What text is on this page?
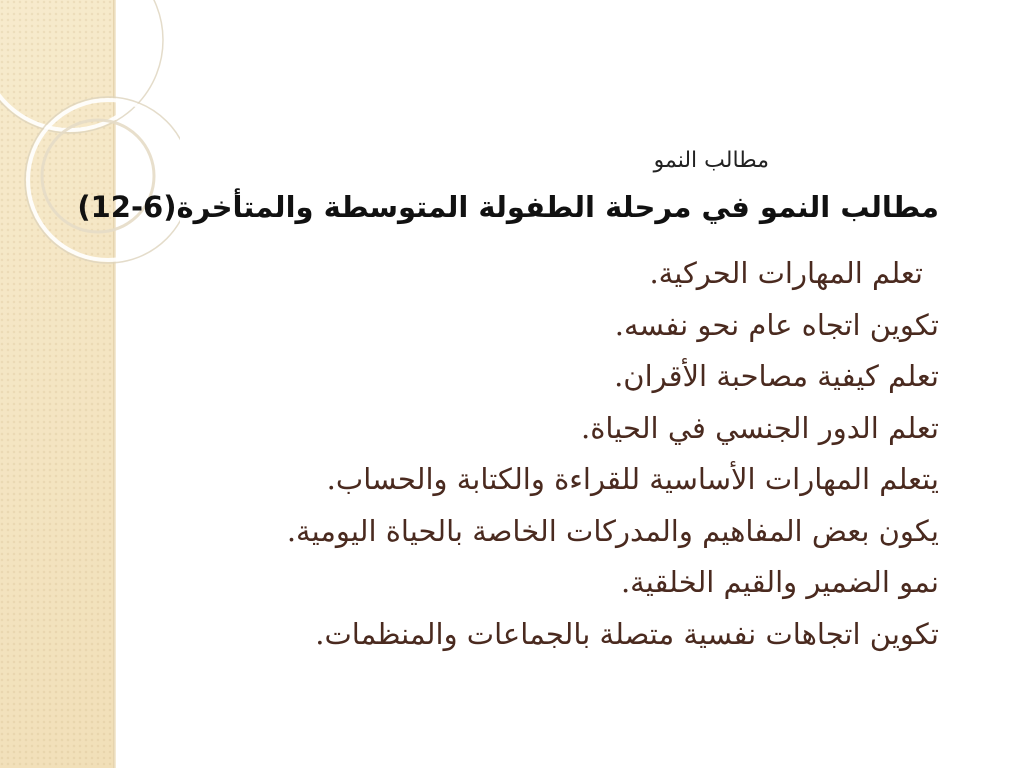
مطالب النمو
مطالب النمو في مرحلة الطفولة المتوسطة والمتأخرة(6-12)
تعلم المهارات الحركية.
تكوين اتجاه عام نحو نفسه.
تعلم كيفية مصاحبة الأقران.
تعلم الدور الجنسي في الحياة.
يتعلم المهارات الأساسية للقراءة والكتابة والحساب.
يكون بعض المفاهيم والمدركات الخاصة بالحياة اليومية.
نمو الضمير والقيم الخلقية.
تكوين اتجاهات نفسية متصلة بالجماعات والمنظمات.
